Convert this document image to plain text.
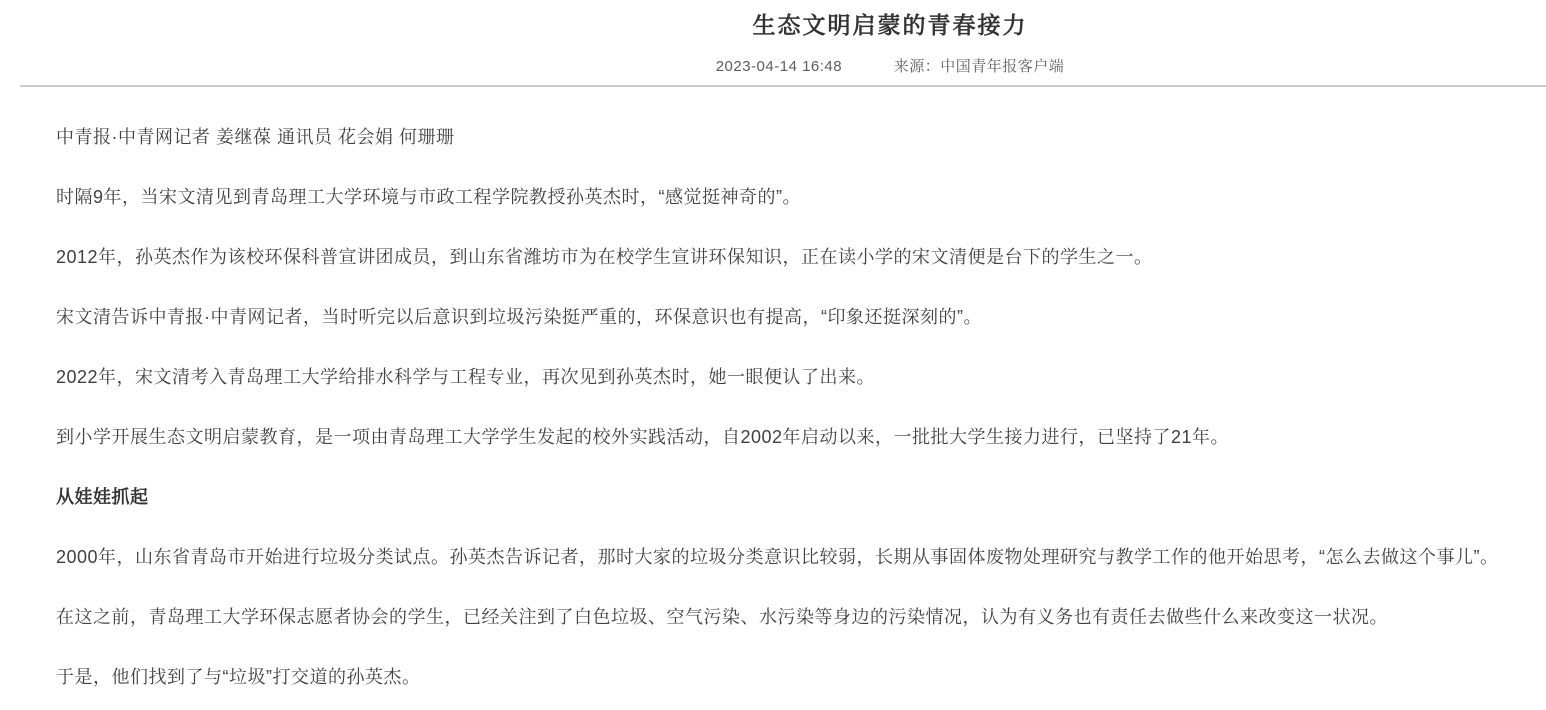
生态文明启蒙的青春接力
2023-04-14 16:48	来源：中国青年报客户端

中青报·中青网记者 姜继葆 通讯员 花会娟 何珊珊

时隔9年，当宋文清见到青岛理工大学环境与市政工程学院教授孙英杰时，“感觉挺神奇的”。

2012年，孙英杰作为该校环保科普宣讲团成员，到山东省潍坊市为在校学生宣讲环保知识，正在读小学的宋文清便是台下的学生之一。

宋文清告诉中青报·中青网记者，当时听完以后意识到垃圾污染挺严重的，环保意识也有提高，“印象还挺深刻的”。

2022年，宋文清考入青岛理工大学给排水科学与工程专业，再次见到孙英杰时，她一眼便认了出来。

到小学开展生态文明启蒙教育，是一项由青岛理工大学学生发起的校外实践活动，自2002年启动以来，一批批大学生接力进行，已坚持了21年。

从娃娃抓起

2000年，山东省青岛市开始进行垃圾分类试点。孙英杰告诉记者，那时大家的垃圾分类意识比较弱，长期从事固体废物处理研究与教学工作的他开始思考，“怎么去做这个事儿”。

在这之前，青岛理工大学环保志愿者协会的学生，已经关注到了白色垃圾、空气污染、水污染等身边的污染情况，认为有义务也有责任去做些什么来改变这一状况。

于是，他们找到了与“垃圾”打交道的孙英杰。
